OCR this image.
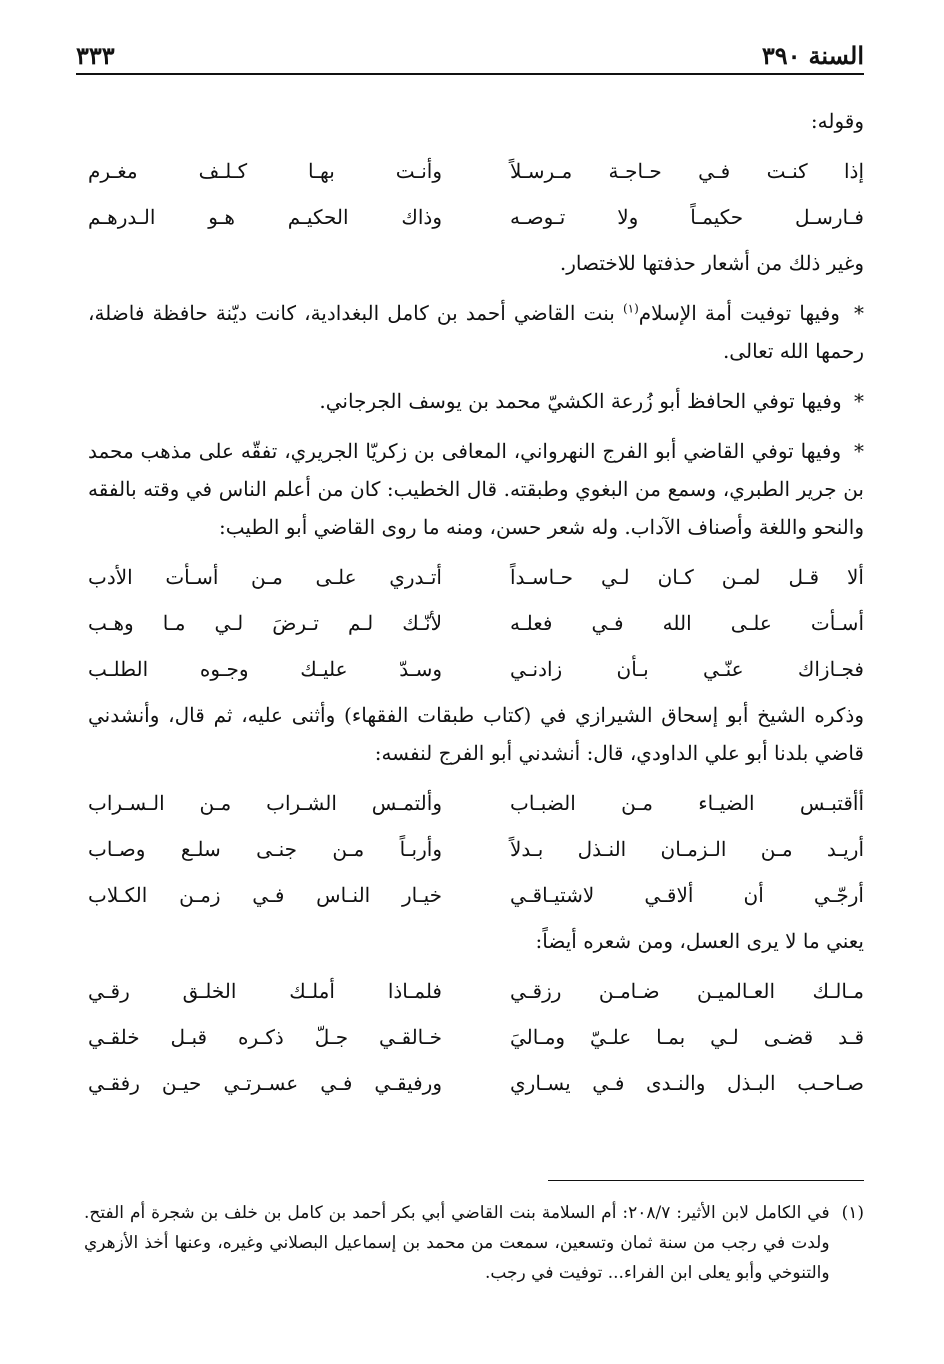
السنة
٣٩٠
٣٣٣

وقوله:

إذا كنـت فـي حـاجـة مـرسـلاً
وأنـت بهـا كـلـف مغـرم
فـارسـل حكيمـاً ولا تـوصـه
وذاك الحكيـم هـو الـدرهـم

وغير ذلك من أشعار حذفتها للاختصار.

* وفيها توفيت أمة الإسلام$^{(١)}$ بنت القاضي أحمد بن كامل البغدادية، كانت ديّنة حافظة فاضلة، رحمها الله تعالى.

* وفيها توفي الحافظ أبو زُرعة الكشيّ محمد بن يوسف الجرجاني.

* وفيها توفي القاضي أبو الفرج النهرواني، المعافى بن زكريّا الجريري، تفقّه على مذهب محمد بن جرير الطبري، وسمع من البغوي وطبقته. قال الخطيب: كان من أعلم الناس في وقته بالفقه والنحو واللغة وأصناف الآداب. وله شعر حسن، ومنه ما روى القاضي أبو الطيب:

ألا قـل لمـن كـان لـي حـاسـداً
أتـدري علـى مـن أسـأت الأدب
أسـأت علـى الله فـي فعلـه
لأنّـك لـم تـرضَ لـي مـا وهـب
فجـازاك عنّـي بـأن زادنـي
وسـدّ عليـك وجـوه الطلـب

وذكره الشيخ أبو إسحاق الشيرازي في (كتاب طبقات الفقهاء) وأثنى عليه، ثم قال، وأنشدني قاضي بلدنا أبو علي الداودي، قال: أنشدني أبو الفرج لنفسه:

أأقتبـس الضيـاء مـن الضبـاب
وألتمـس الشـراب مـن الـسـراب
أريـد مـن الـزمـان النـذل بـدلاً
وأربـاً مـن جنـى سلـع وصـاب
أرجّـي أن ألاقـي لاشتيـاقـي
خيـار النـاس فـي زمـن الكـلاب

يعني ما لا يرى العسل، ومن شعره أيضاً:

مـالـك العـالميـن ضـامـن رزقـي
فلمـاذا أملـك الخلـق رقـي
قـد قضـى لـي بمـا علـيّ ومـاليَ
خـالقـي جـلّ ذكـره قبـل خلقـي
صـاحـب البـذل والنـدى فـي يسـاري
ورفيقـي فـي عسـرتـي حيـن رفقـي
(١)
في الكامل لابن الأثير: ٢٠٨/٧: أم السلامة بنت القاضي أبي بكر أحمد بن كامل بن خلف بن شجرة أم الفتح. ولدت في رجب من سنة ثمان وتسعين، سمعت من محمد بن إسماعيل البصلاني وغيره، وعنها أخذ الأزهري والتنوخي وأبو يعلى ابن الفراء... توفيت في رجب.
